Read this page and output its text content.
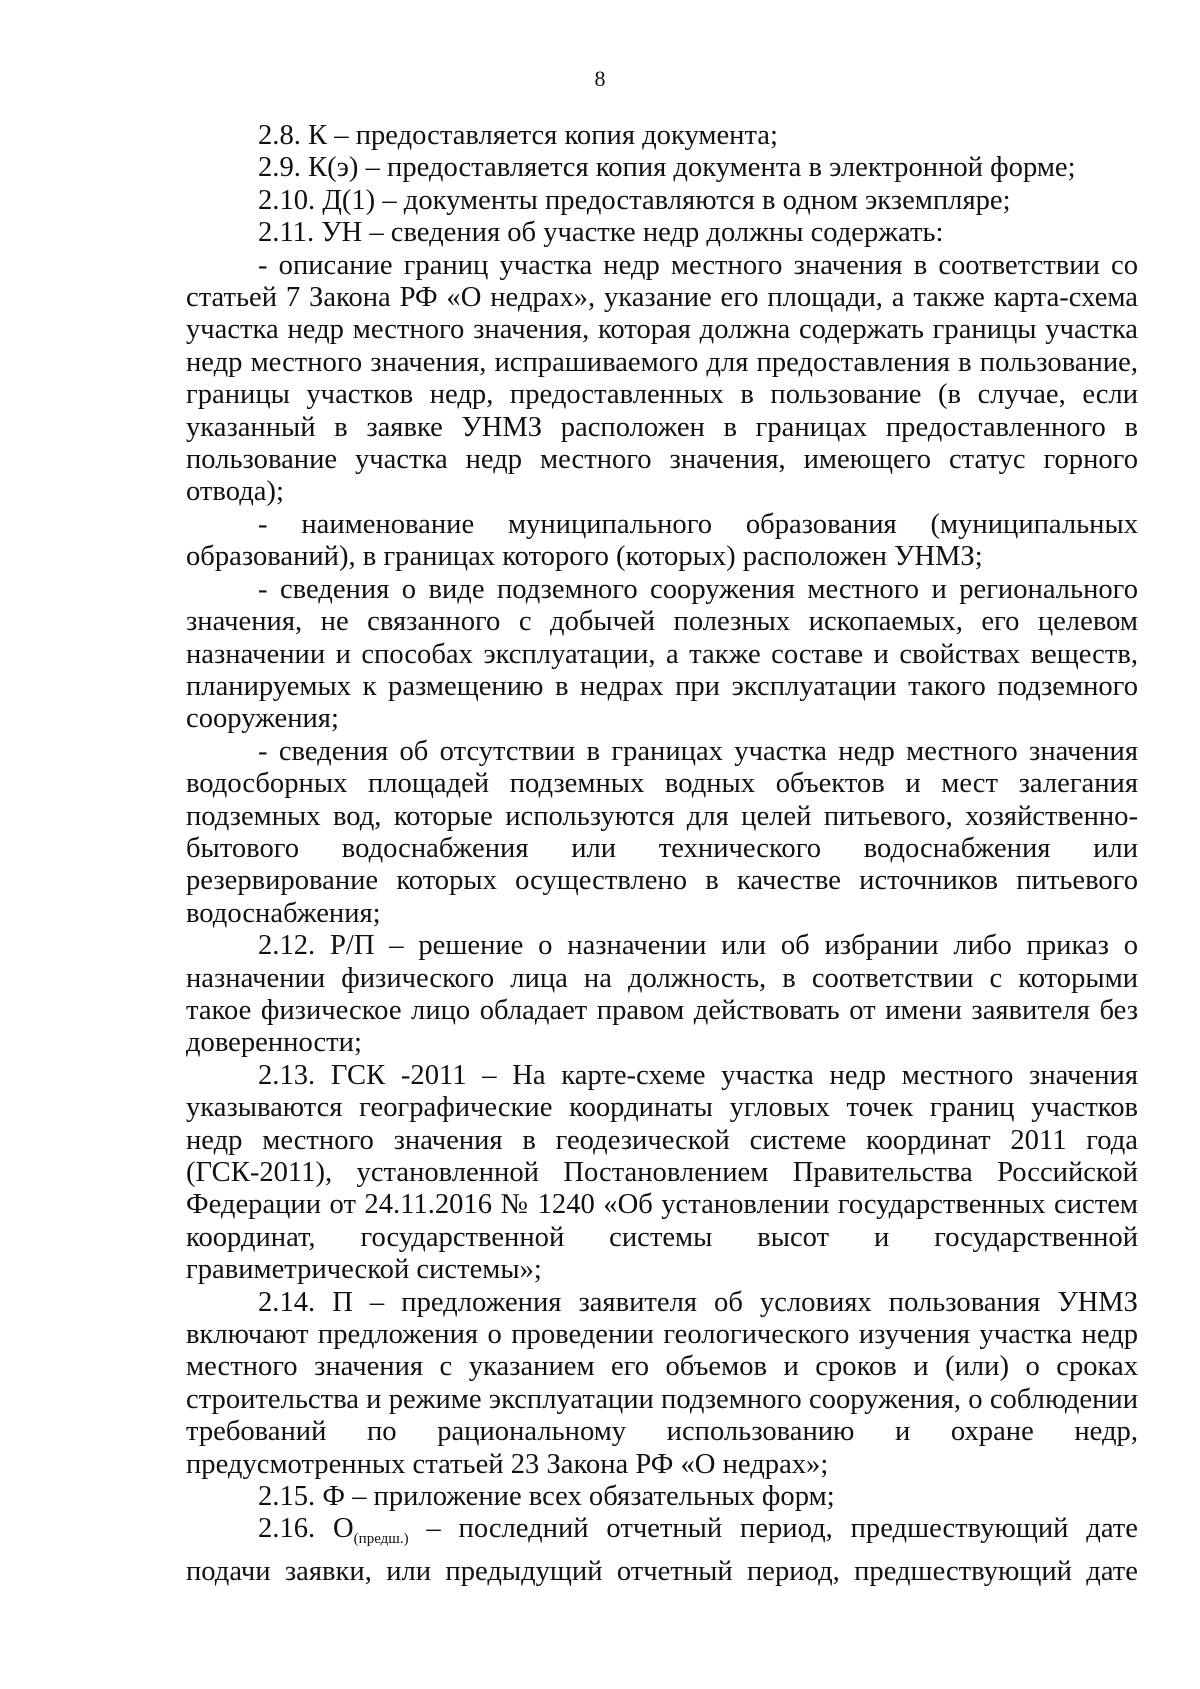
8

2.8. К – предоставляется копия документа;

2.9. К(э) – предоставляется копия документа в электронной форме;

2.10. Д(1) – документы предоставляются в одном экземпляре;

2.11. УН – сведения об участке недр должны содержать:

- описание границ участка недр местного значения в соответствии со статьей 7 Закона РФ «О недрах», указание его площади, а также карта-схема участка недр местного значения, которая должна содержать границы участка недр местного значения, испрашиваемого для предоставления в пользование, границы участков недр, предоставленных в пользование (в случае, если указанный в заявке УНМЗ расположен в границах предоставленного в пользование участка недр местного значения, имеющего статус горного отвода);

- наименование муниципального образования (муниципальных образований), в границах которого (которых) расположен УНМЗ;

- сведения о виде подземного сооружения местного и регионального значения, не связанного с добычей полезных ископаемых, его целевом назначении и способах эксплуатации, а также составе и свойствах веществ, планируемых к размещению в недрах при эксплуатации такого подземного сооружения;

- сведения об отсутствии в границах участка недр местного значения водосборных площадей подземных водных объектов и мест залегания подземных вод, которые используются для целей питьевого, хозяйственно-бытового водоснабжения или технического водоснабжения или резервирование которых осуществлено в качестве источников питьевого водоснабжения;

2.12. Р/П – решение о назначении или об избрании либо приказ о назначении физического лица на должность, в соответствии с которыми такое физическое лицо обладает правом действовать от имени заявителя без доверенности;

2.13. ГСК -2011 – На карте-схеме участка недр местного значения указываются географические координаты угловых точек границ участков недр местного значения в геодезической системе координат 2011 года (ГСК-2011), установленной Постановлением Правительства Российской Федерации от 24.11.2016 № 1240 «Об установлении государственных систем координат, государственной системы высот и государственной гравиметрической системы»;

2.14. П – предложения заявителя об условиях пользования УНМЗ включают предложения о проведении геологического изучения участка недр местного значения с указанием его объемов и сроков и (или) о сроках строительства и режиме эксплуатации подземного сооружения, о соблюдении требований по рациональному использованию и охране недр, предусмотренных статьей 23 Закона РФ «О недрах»;

2.15. Ф – приложение всех обязательных форм;

2.16. $О_{(предш.)}$ – последний отчетный период, предшествующий дате подачи заявки, или предыдущий отчетный период, предшествующий дате
